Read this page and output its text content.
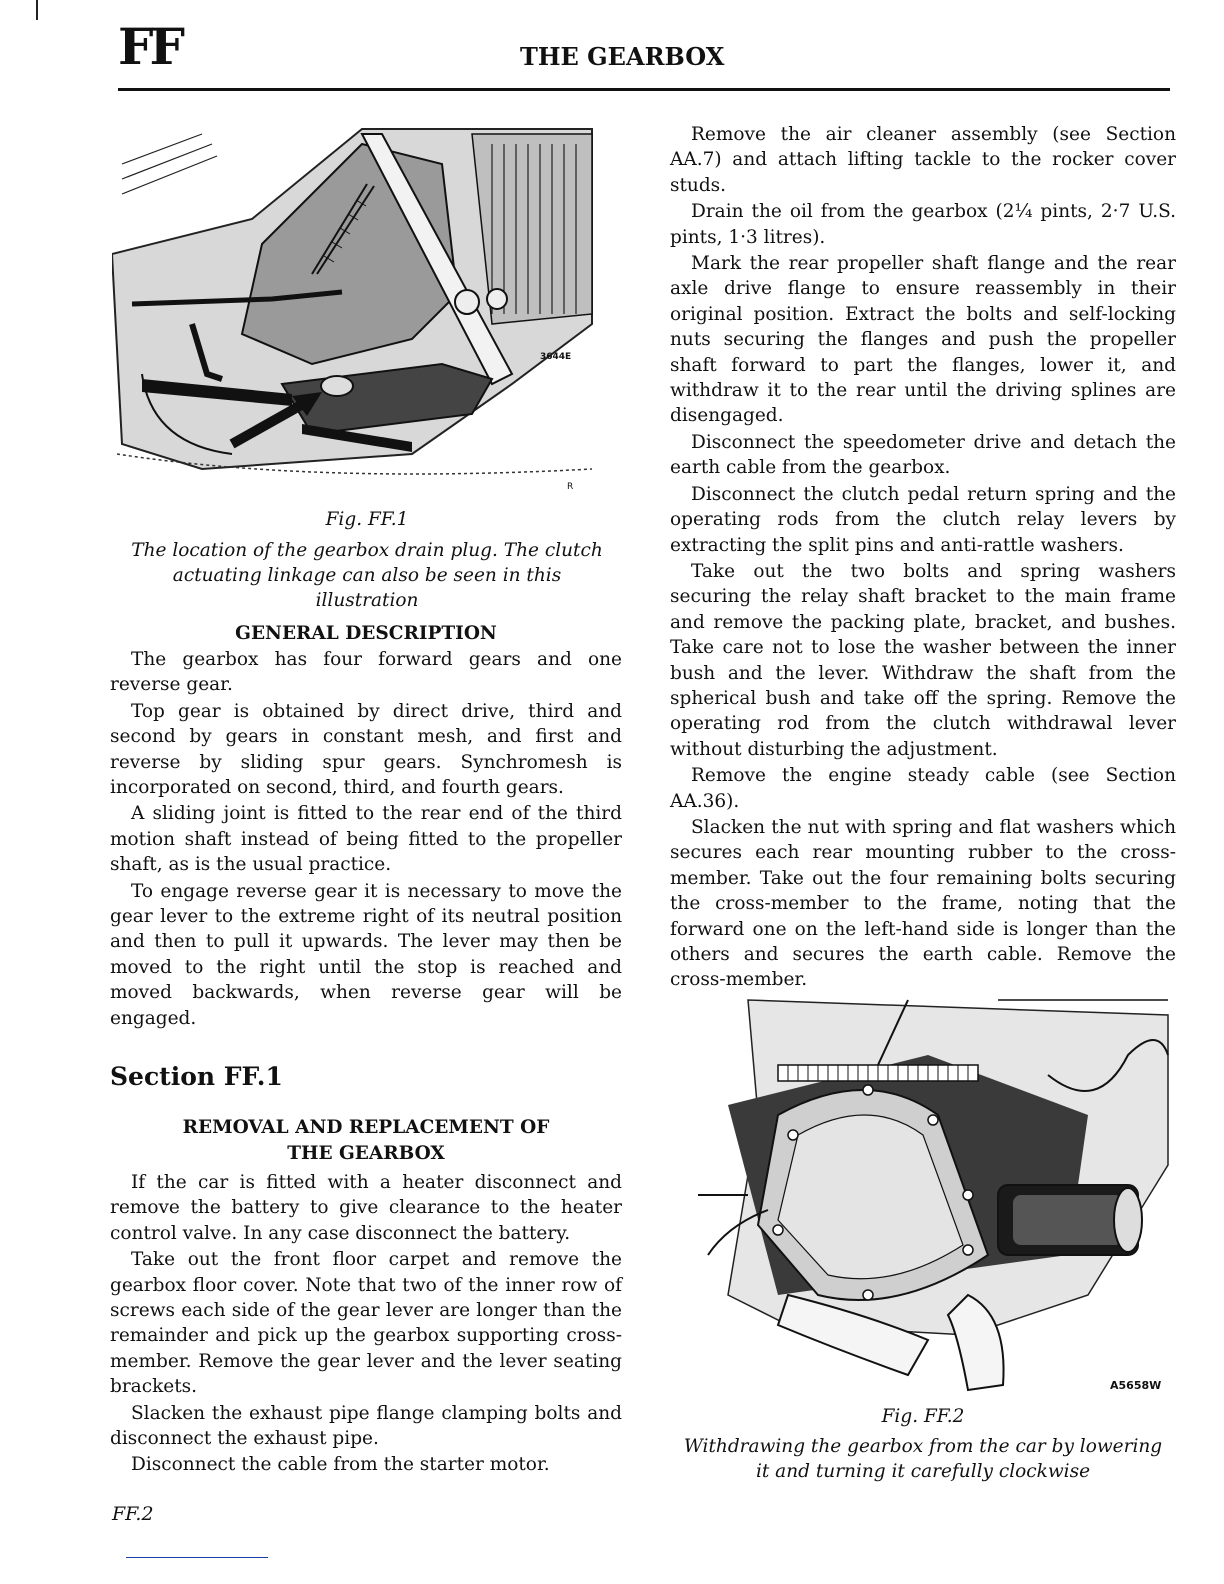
FF	THE GEARBOX
3644E
R
Fig. FF.1
The location of the gearbox drain plug. The clutch actuating linkage can also be seen in this illustration

GENERAL DESCRIPTION

The gearbox has four forward gears and one reverse gear.

Top gear is obtained by direct drive, third and second by gears in constant mesh, and first and reverse by sliding spur gears. Synchromesh is incorporated on second, third, and fourth gears.

A sliding joint is fitted to the rear end of the third motion shaft instead of being fitted to the propeller shaft, as is the usual practice.

To engage reverse gear it is necessary to move the gear lever to the extreme right of its neutral position and then to pull it upwards. The lever may then be moved to the right until the stop is reached and moved backwards, when reverse gear will be engaged.

Section FF.1

REMOVAL AND REPLACEMENT OF

THE GEARBOX

If the car is fitted with a heater disconnect and remove the battery to give clearance to the heater control valve. In any case disconnect the battery.

Take out the front floor carpet and remove the gearbox floor cover. Note that two of the inner row of screws each side of the gear lever are longer than the remainder and pick up the gearbox supporting cross-member. Remove the gear lever and the lever seating brackets.

Slacken the exhaust pipe flange clamping bolts and disconnect the exhaust pipe.

Disconnect the cable from the starter motor.

Remove the air cleaner assembly (see Section AA.7) and attach lifting tackle to the rocker cover studs.

Drain the oil from the gearbox (2¼ pints, 2·7 U.S. pints, 1·3 litres).

Mark the rear propeller shaft flange and the rear axle drive flange to ensure reassembly in their original position. Extract the bolts and self-locking nuts securing the flanges and push the propeller shaft forward to part the flanges, lower it, and withdraw it to the rear until the driving splines are disengaged.

Disconnect the speedometer drive and detach the earth cable from the gearbox.

Disconnect the clutch pedal return spring and the operating rods from the clutch relay levers by extracting the split pins and anti-rattle washers.

Take out the two bolts and spring washers securing the relay shaft bracket to the main frame and remove the packing plate, bracket, and bushes. Take care not to lose the washer between the inner bush and the lever. Withdraw the shaft from the spherical bush and take off the spring. Remove the operating rod from the clutch withdrawal lever without disturbing the adjustment.

Remove the engine steady cable (see Section AA.36).

Slacken the nut with spring and flat washers which secures each rear mounting rubber to the cross-member. Take out the four remaining bolts securing the cross-member to the frame, noting that the forward one on the left-hand side is longer than the others and secures the earth cable. Remove the cross-member.

A5658W
Fig. FF.2
Withdrawing the gearbox from the car by lowering
it and turning it carefully clockwise
FF.2
